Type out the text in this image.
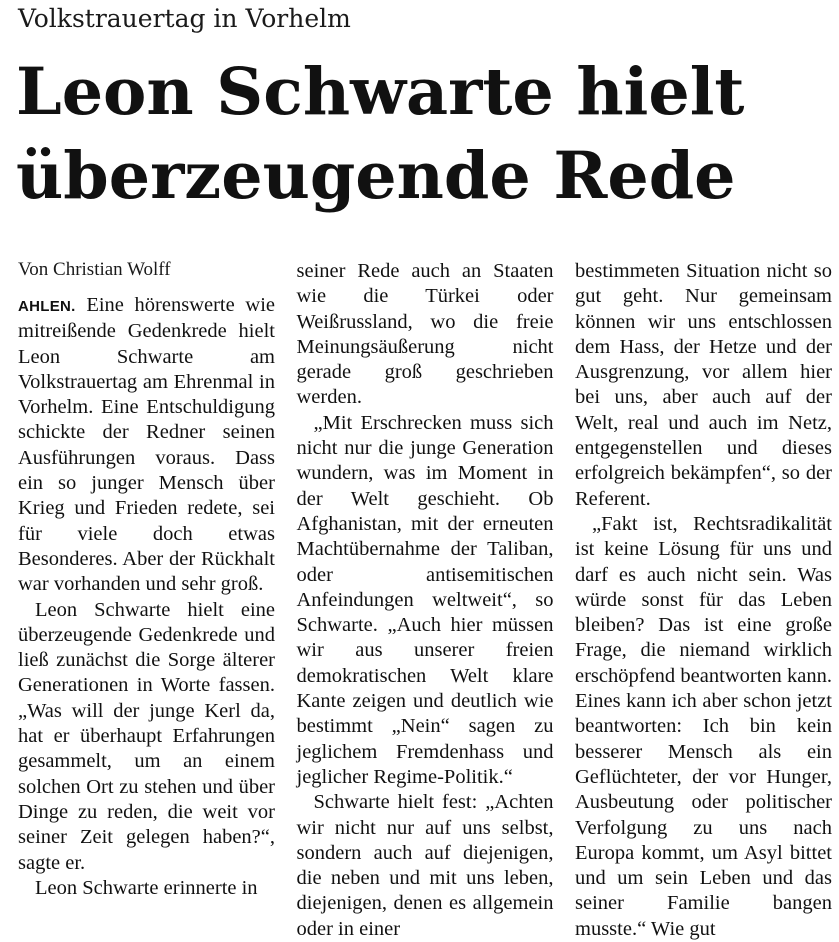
Volkstrauertag in Vorhelm
Leon Schwarte hielt
überzeugende Rede
Von Christian Wolff

AHLEN. Eine hörenswerte wie mitreißende Gedenkrede hielt Leon Schwarte am Volkstrauertag am Ehrenmal in Vorhelm. Eine Entschuldigung schickte der Redner seinen Ausführungen voraus. Dass ein so junger Mensch über Krieg und Frieden redete, sei für viele doch etwas Besonderes. Aber der Rückhalt war vorhanden und sehr groß.

Leon Schwarte hielt eine überzeugende Gedenkrede und ließ zunächst die Sorge älterer Generationen in Worte fassen. „Was will der junge Kerl da, hat er überhaupt Erfahrungen gesammelt, um an einem solchen Ort zu stehen und über Dinge zu reden, die weit vor seiner Zeit gelegen haben?“, sagte er.

Leon Schwarte erinnerte in

seiner Rede auch an Staaten wie die Türkei oder Weißrussland, wo die freie Meinungsäußerung nicht gerade groß geschrieben werden.

„Mit Erschrecken muss sich nicht nur die junge Generation wundern, was im Moment in der Welt geschieht. Ob Afghanistan, mit der erneuten Machtübernahme der Taliban, oder antisemitischen Anfeindungen weltweit“, so Schwarte. „Auch hier müssen wir aus unserer freien demokratischen Welt klare Kante zeigen und deutlich wie bestimmt „Nein“ sagen zu jeglichem Fremdenhass und jeglicher Regime-Politik.“

Schwarte hielt fest: „Achten wir nicht nur auf uns selbst, sondern auch auf diejenigen, die neben und mit uns leben, diejenigen, denen es allgemein oder in einer

bestimmeten Situation nicht so gut geht. Nur gemeinsam können wir uns entschlossen dem Hass, der Hetze und der Ausgrenzung, vor allem hier bei uns, aber auch auf der Welt, real und auch im Netz, entgegenstellen und dieses erfolgreich bekämpfen“, so der Referent.

„Fakt ist, Rechtsradikalität ist keine Lösung für uns und darf es auch nicht sein. Was würde sonst für das Leben bleiben? Das ist eine große Frage, die niemand wirklich erschöpfend beantworten kann. Eines kann ich aber schon jetzt beantworten: Ich bin kein besserer Mensch als ein Geflüchteter, der vor Hunger, Ausbeutung oder politischer Verfolgung zu uns nach Europa kommt, um Asyl bittet und um sein Leben und das seiner Familie bangen musste.“ Wie gut
